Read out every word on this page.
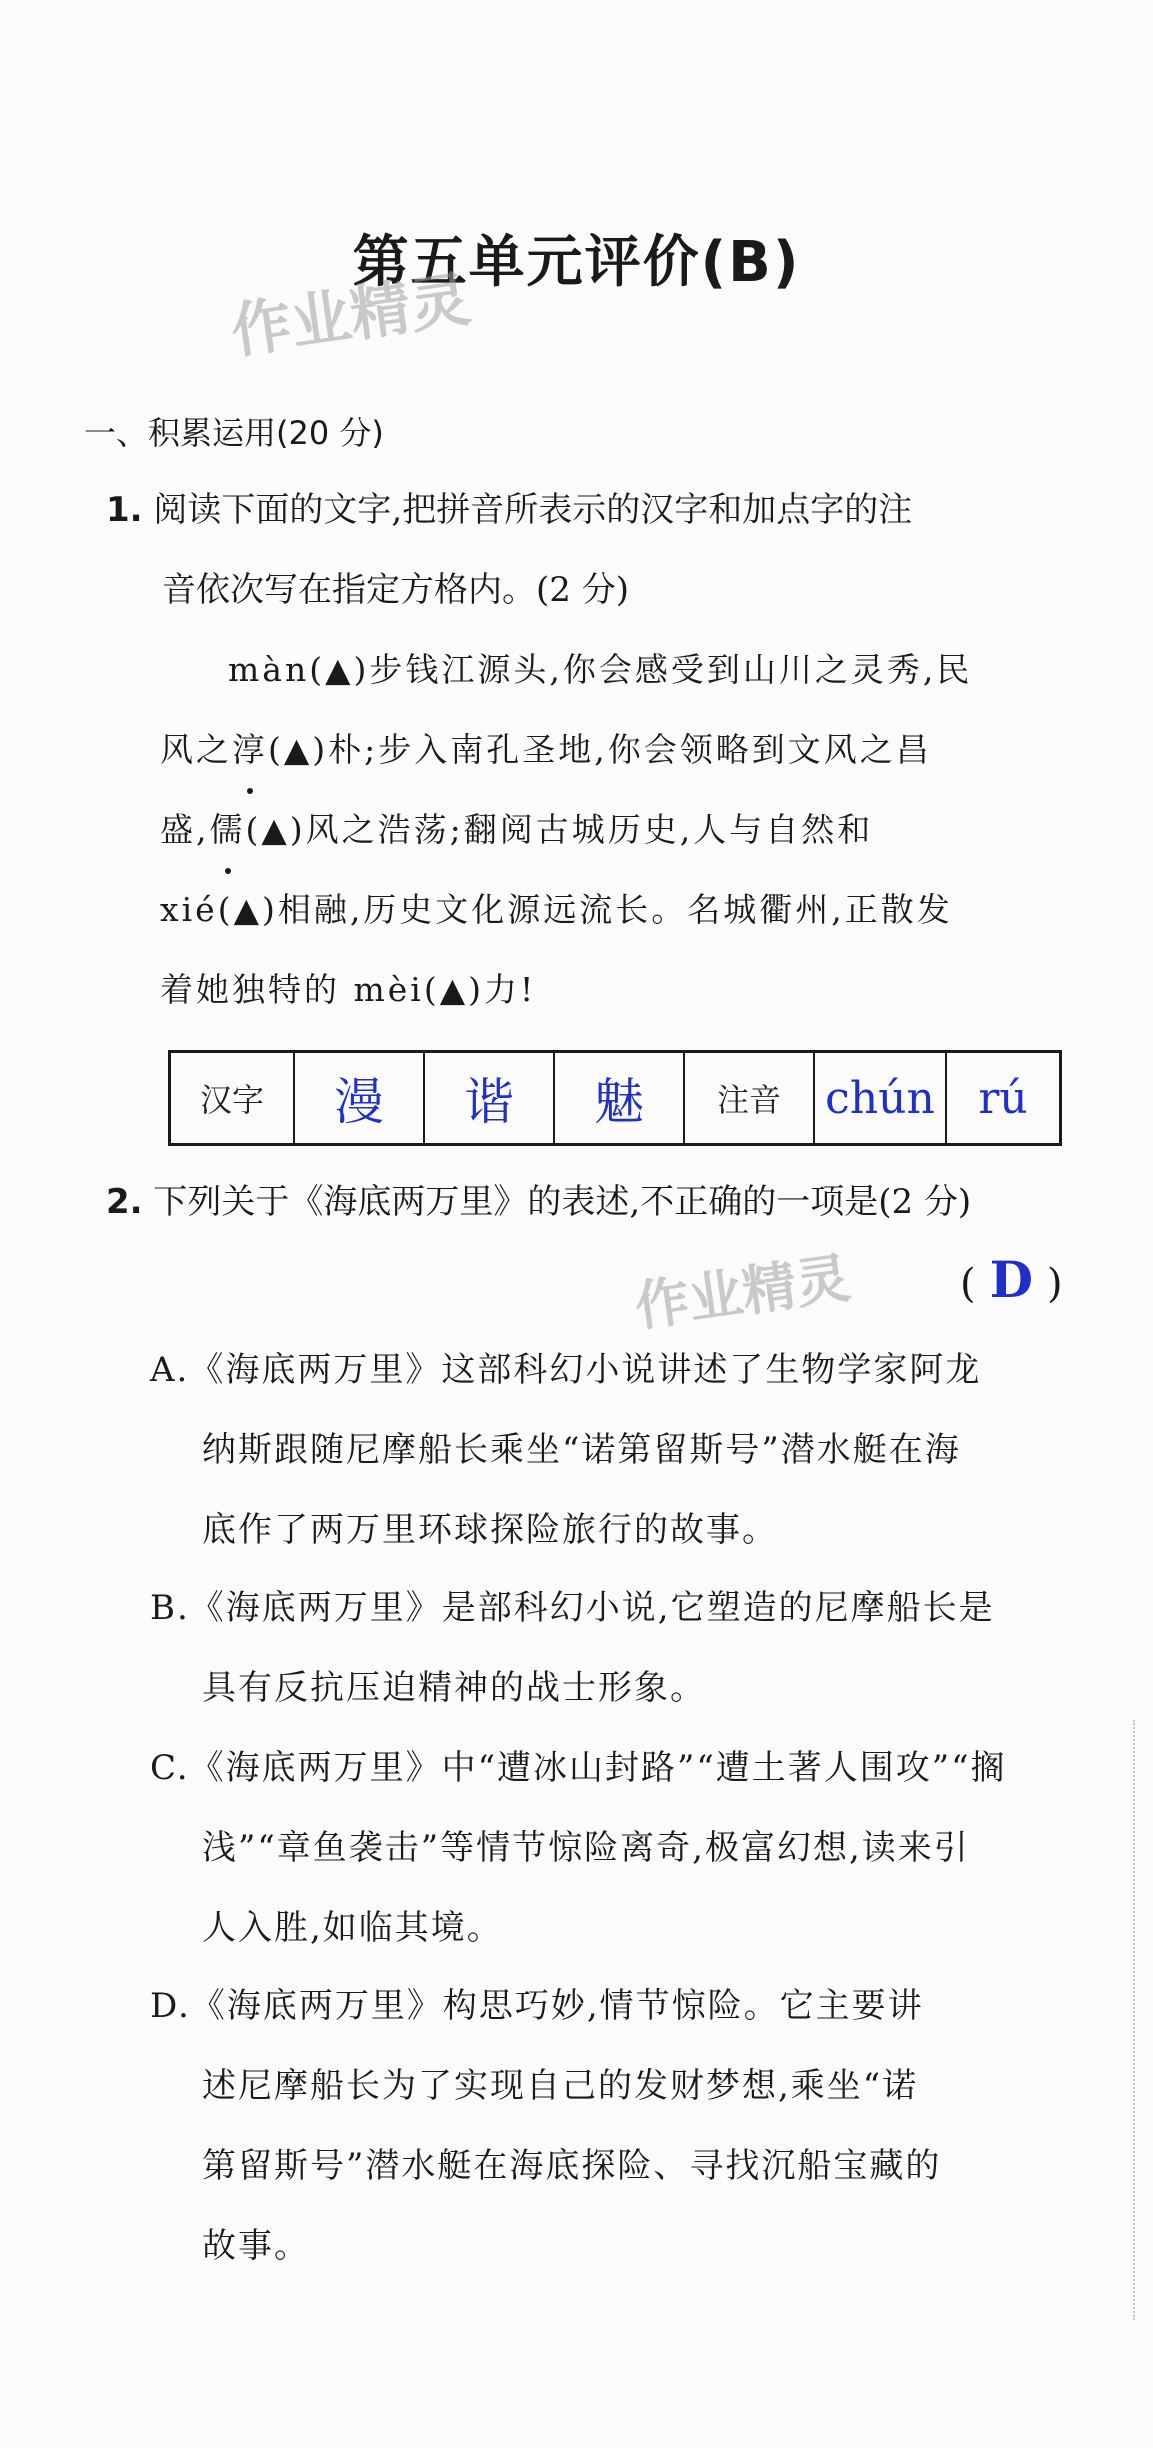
第五单元评价(B)
作业精灵
一、积累运用(20 分)
1. 阅读下面的文字,把拼音所表示的汉字和加点字的注
音依次写在指定方格内。(2 分)
màn(▲)步钱江源头,你会感受到山川之灵秀,民
风之淳(▲)朴;步入南孔圣地,你会领略到文风之昌
盛,儒(▲)风之浩荡;翻阅古城历史,人与自然和
xié(▲)相融,历史文化源远流长。名城衢州,正散发
着她独特的 mèi(▲)力!
汉字	漫	谐	魅	注音	chún	rú
2. 下列关于《海底两万里》的表述,不正确的一项是(2 分)
作业精灵	( D )
A.《海底两万里》这部科幻小说讲述了生物学家阿龙
纳斯跟随尼摩船长乘坐“诺第留斯号”潜水艇在海
底作了两万里环球探险旅行的故事。
B.《海底两万里》是部科幻小说,它塑造的尼摩船长是
具有反抗压迫精神的战士形象。
C.《海底两万里》中“遭冰山封路”“遭土著人围攻”“搁
浅”“章鱼袭击”等情节惊险离奇,极富幻想,读来引
人入胜,如临其境。
D.《海底两万里》构思巧妙,情节惊险。它主要讲
述尼摩船长为了实现自己的发财梦想,乘坐“诺
第留斯号”潜水艇在海底探险、寻找沉船宝藏的
故事。
